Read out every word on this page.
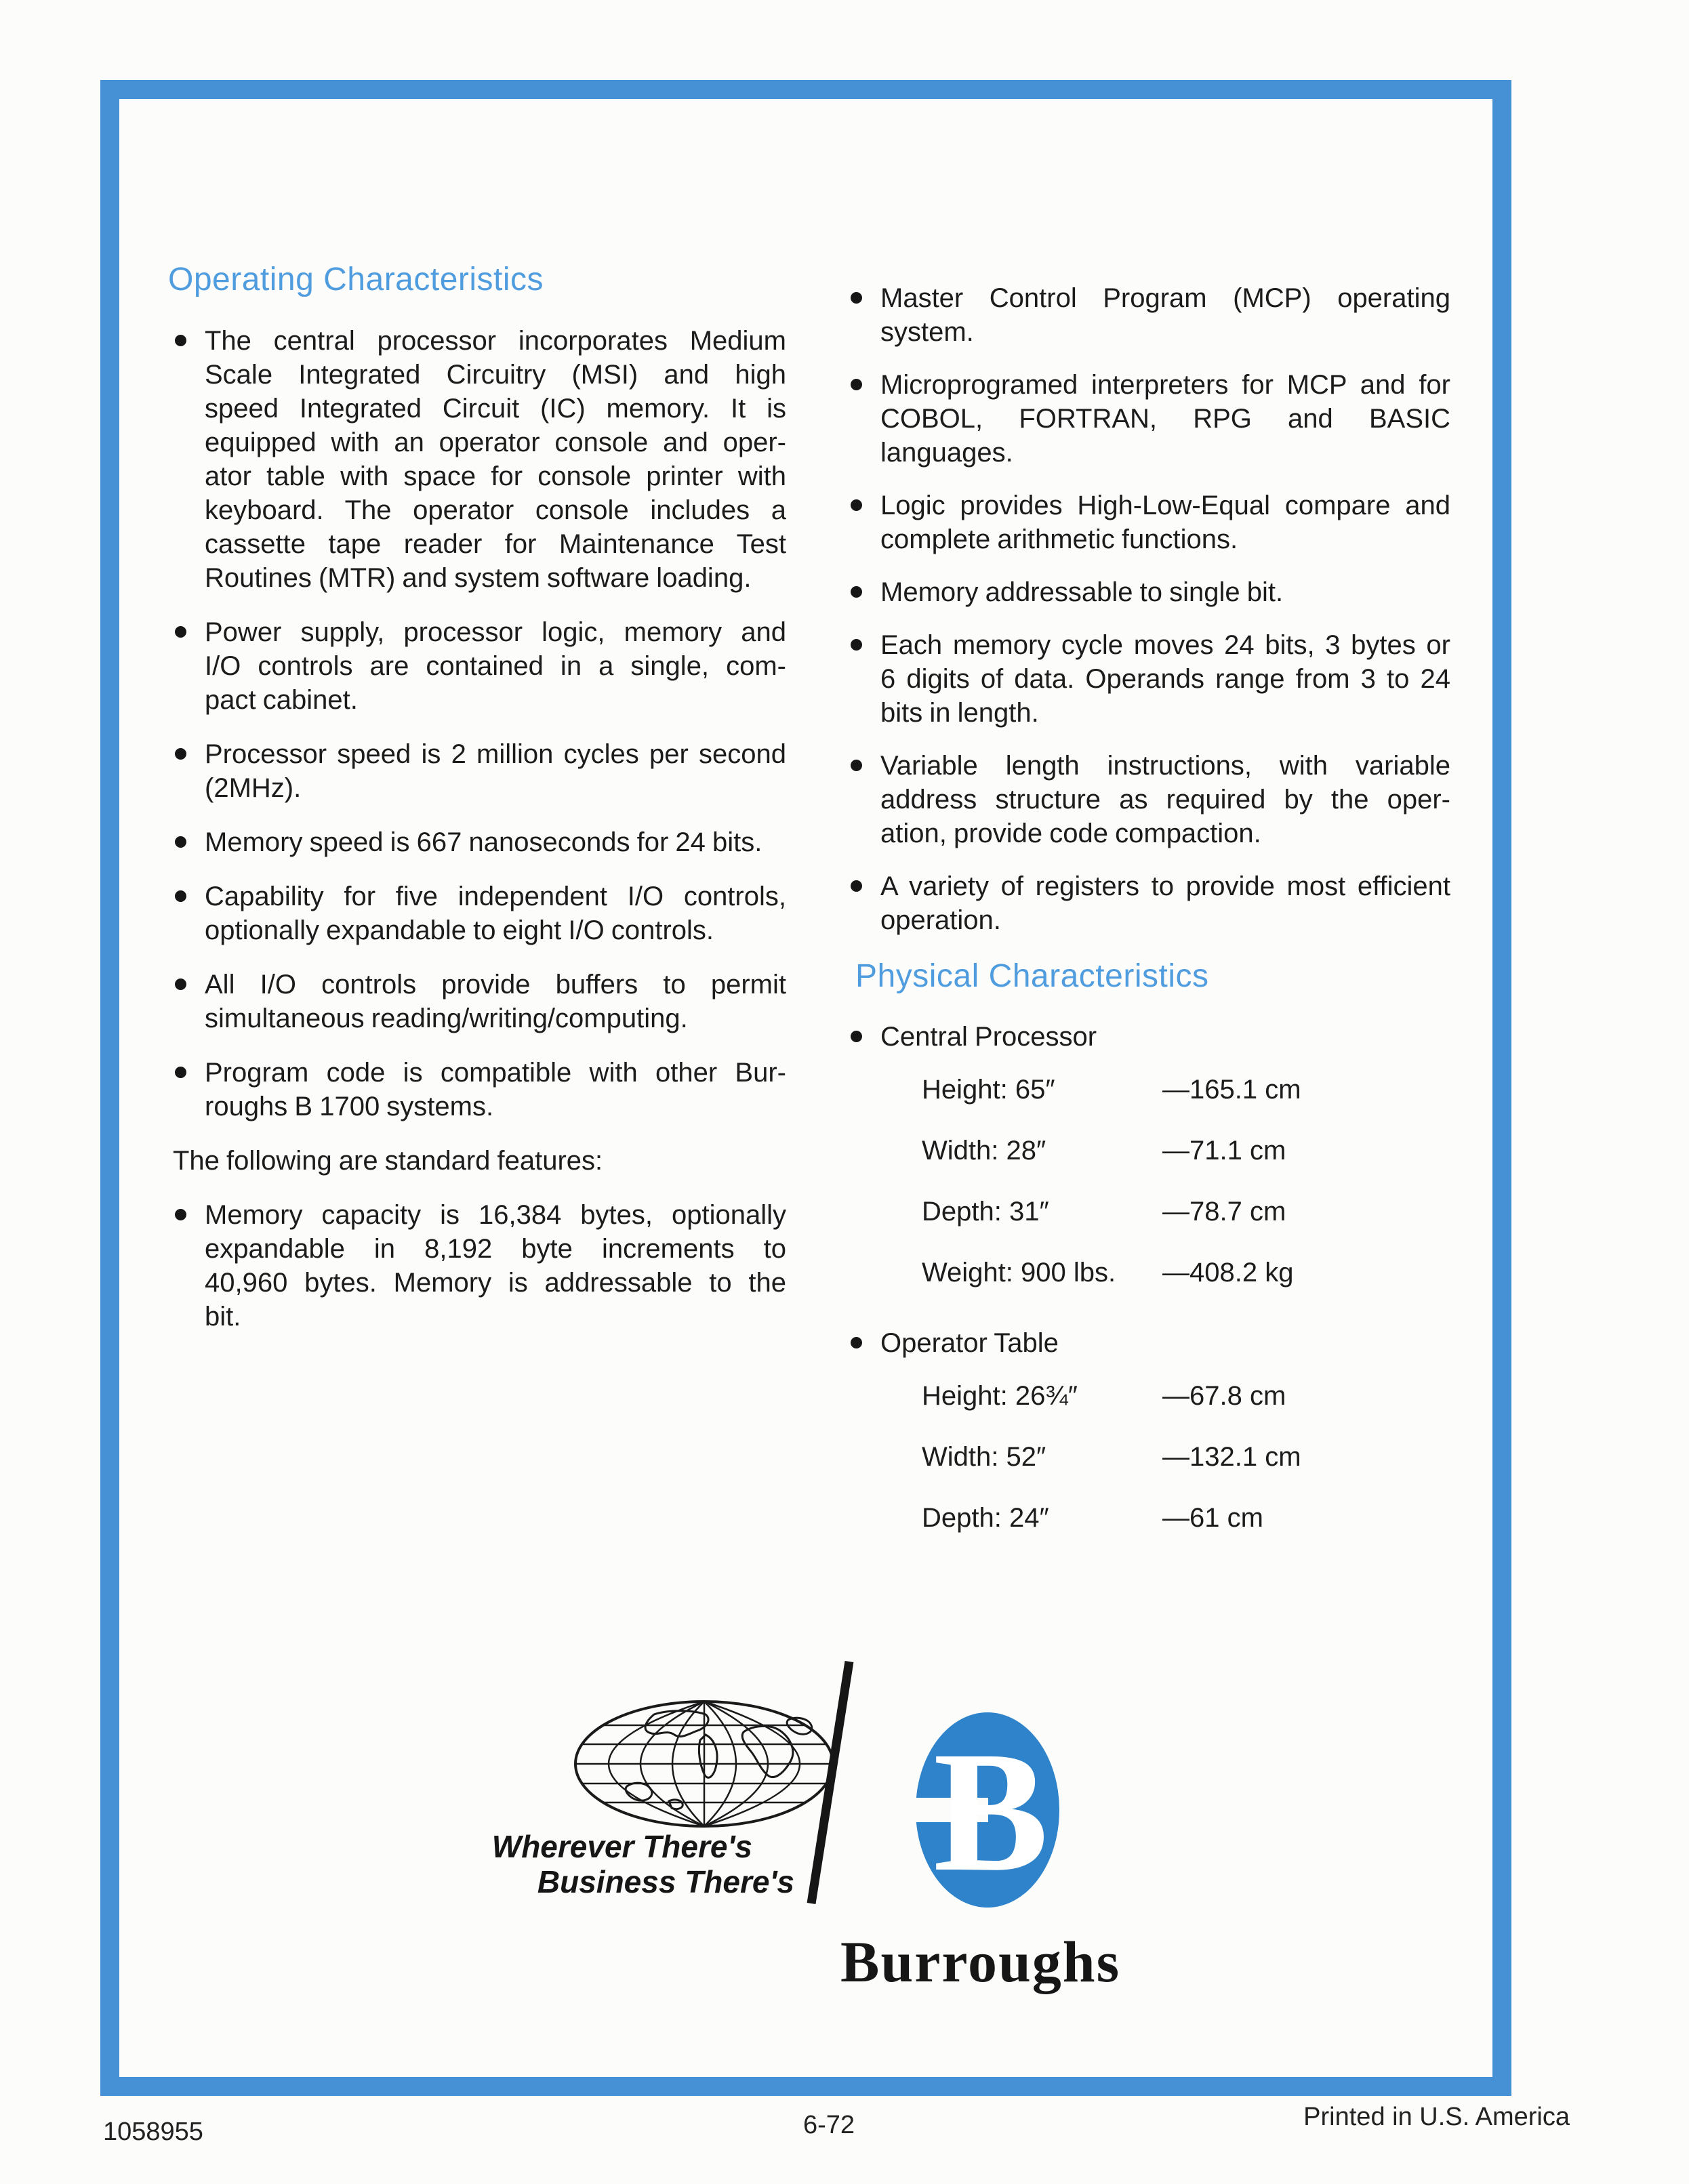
Operating Characteristics
The central processor incorporates Medium
Scale Integrated Circuitry (MSI) and high
speed Integrated Circuit (IC) memory. It is
equipped with an operator console and oper-
ator table with space for console printer with
keyboard. The operator console includes a
cassette tape reader for Maintenance Test
Routines (MTR) and system software loading.
Power supply, processor logic, memory and
I/O controls are contained in a single, com-
pact cabinet.
Processor speed is 2 million cycles per second
(2MHz).
Memory speed is 667 nanoseconds for 24 bits.
Capability for five independent I/O controls,
optionally expandable to eight I/O controls.
All I/O controls provide buffers to permit
simultaneous reading/writing/computing.
Program code is compatible with other Bur-
roughs B 1700 systems.
The following are standard features:
Memory capacity is 16,384 bytes, optionally
expandable in 8,192 byte increments to
40,960 bytes. Memory is addressable to the
bit.
Master Control Program (MCP) operating
system.
Microprogramed interpreters for MCP and for
COBOL, FORTRAN, RPG and BASIC languages.
Logic provides High-Low-Equal compare and
complete arithmetic functions.
Memory addressable to single bit.
Each memory cycle moves 24 bits, 3 bytes or
6 digits of data. Operands range from 3 to 24
bits in length.
Variable length instructions, with variable
address structure as required by the oper-
ation, provide code compaction.
A variety of registers to provide most efficient
operation.
Physical Characteristics
Central Processor
Height: 65″	—165.1 cm
Width: 28″	—71.1 cm
Depth: 31″	—78.7 cm
Weight: 900 lbs.	—408.2 kg
Operator Table
Height: 26¾″	—67.8 cm
Width: 52″	—132.1 cm
Depth: 24″	—61 cm
Wherever There's
Business There's B
Burroughs
1058955	6-72	Printed in U.S. America
